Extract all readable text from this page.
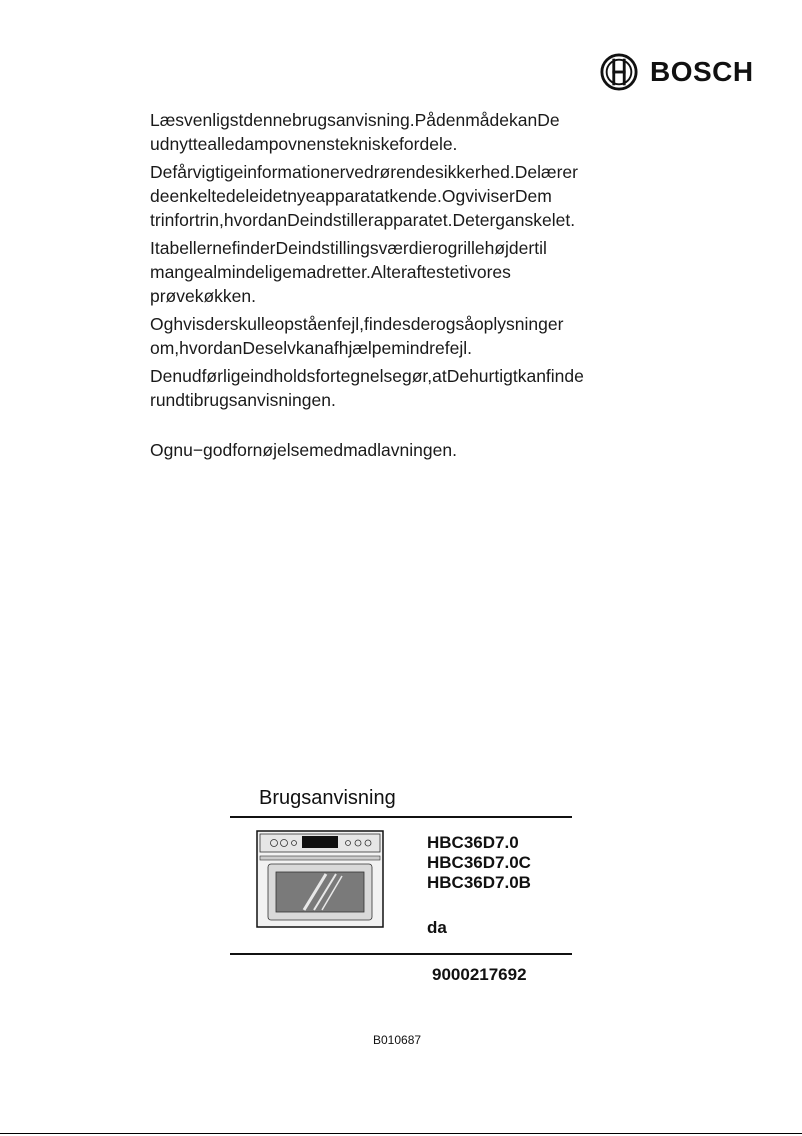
BOSCH

Læsvenligstdennebrugsanvisning.PådenmådekanDe
udnyttealledampovnenstekniskefordele.

Defårvigtigeinformationervedrørendesikkerhed.Delærer
deenkeltedeleidetnyeapparatatkende.OgviviserDem
trinfortrin,hvordanDeindstillerapparatet.Deterganskelet.

ItabellernefinderDeindstillingsværdierogrillehøjdertil
mangealmindeligemadretter.Alteraftestetivores
prøvekøkken.

Oghvisderskulleopståenfejl,findesderogsåoplysninger
om,hvordanDeselvkanafhjælpemindrefejl.

Denudførligeindholdsfortegnelsegør,atDehurtigtkanfinde
rundtibrugsanvisningen.

Ognu−godfornøjelsemedmadlavningen.

Brugsanvisning
HBC36D7.0
HBC36D7.0C
HBC36D7.0B
da
9000217692
B010687
